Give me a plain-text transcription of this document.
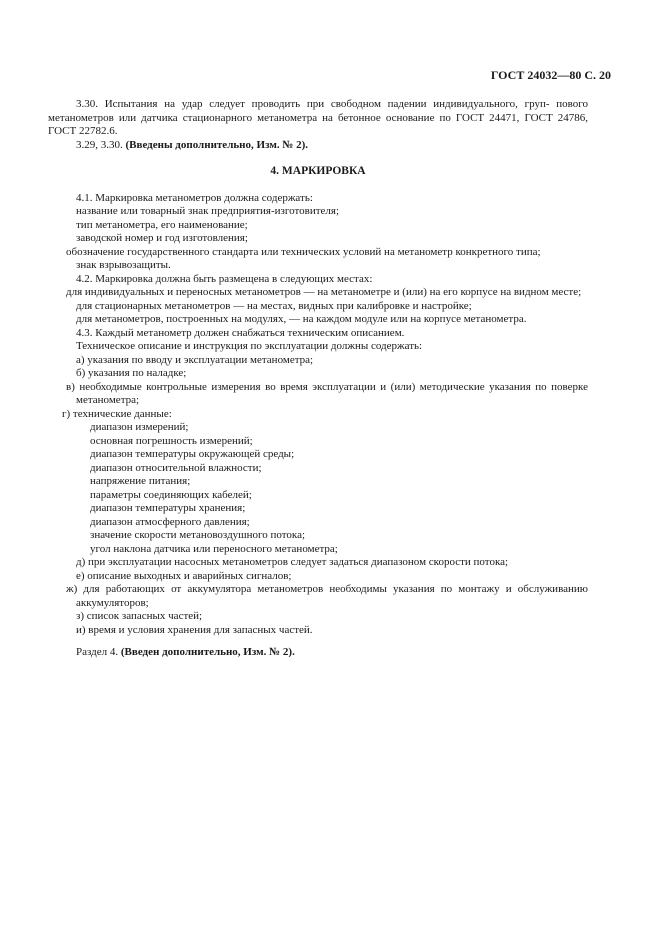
ГОСТ 24032—80 С. 20

3.30. Испытания на удар следует проводить при свободном падении индивидуального, груп- пового метанометров или датчика стационарного метанометра на бетонное основание по ГОСТ 24471, ГОСТ 24786, ГОСТ 22782.6.

3.29, 3.30. (Введены дополнительно, Изм. № 2).

4. МАРКИРОВКА

4.1. Маркировка метанометров должна содержать:

название или товарный знак предприятия-изготовителя;

тип метанометра, его наименование;

заводской номер и год изготовления;

обозначение государственного стандарта или технических условий на метанометр конкретного типа;

знак взрывозащиты.

4.2. Маркировка должна быть размещена в следующих местах:

для индивидуальных и переносных метанометров — на метанометре и (или) на его корпусе на видном месте;

для стационарных метанометров — на местах, видных при калибровке и настройке;

для метанометров, построенных на модулях, — на каждом модуле или на корпусе метанометра.

4.3. Каждый метанометр должен снабжаться техническим описанием.

Техническое описание и инструкция по эксплуатации должны содержать:

а) указания по вводу и эксплуатации метанометра;

б) указания по наладке;

в) необходимые контрольные измерения во время эксплуатации и (или) методические указания по поверке метанометра;

г) технические данные:

диапазон измерений;

основная погрешность измерений;

диапазон температуры окружающей среды;

диапазон относительной влажности;

напряжение питания;

параметры соединяющих кабелей;

диапазон температуры хранения;

диапазон атмосферного давления;

значение скорости метановоздушного потока;

угол наклона датчика или переносного метанометра;

д) при эксплуатации насосных метанометров следует задаться диапазоном скорости потока;

е) описание выходных и аварийных сигналов;

ж) для работающих от аккумулятора метанометров необходимы указания по монтажу и обслуживанию аккумуляторов;

з) список запасных частей;

и) время и условия хранения для запасных частей.

Раздел 4. (Введен дополнительно, Изм. № 2).
